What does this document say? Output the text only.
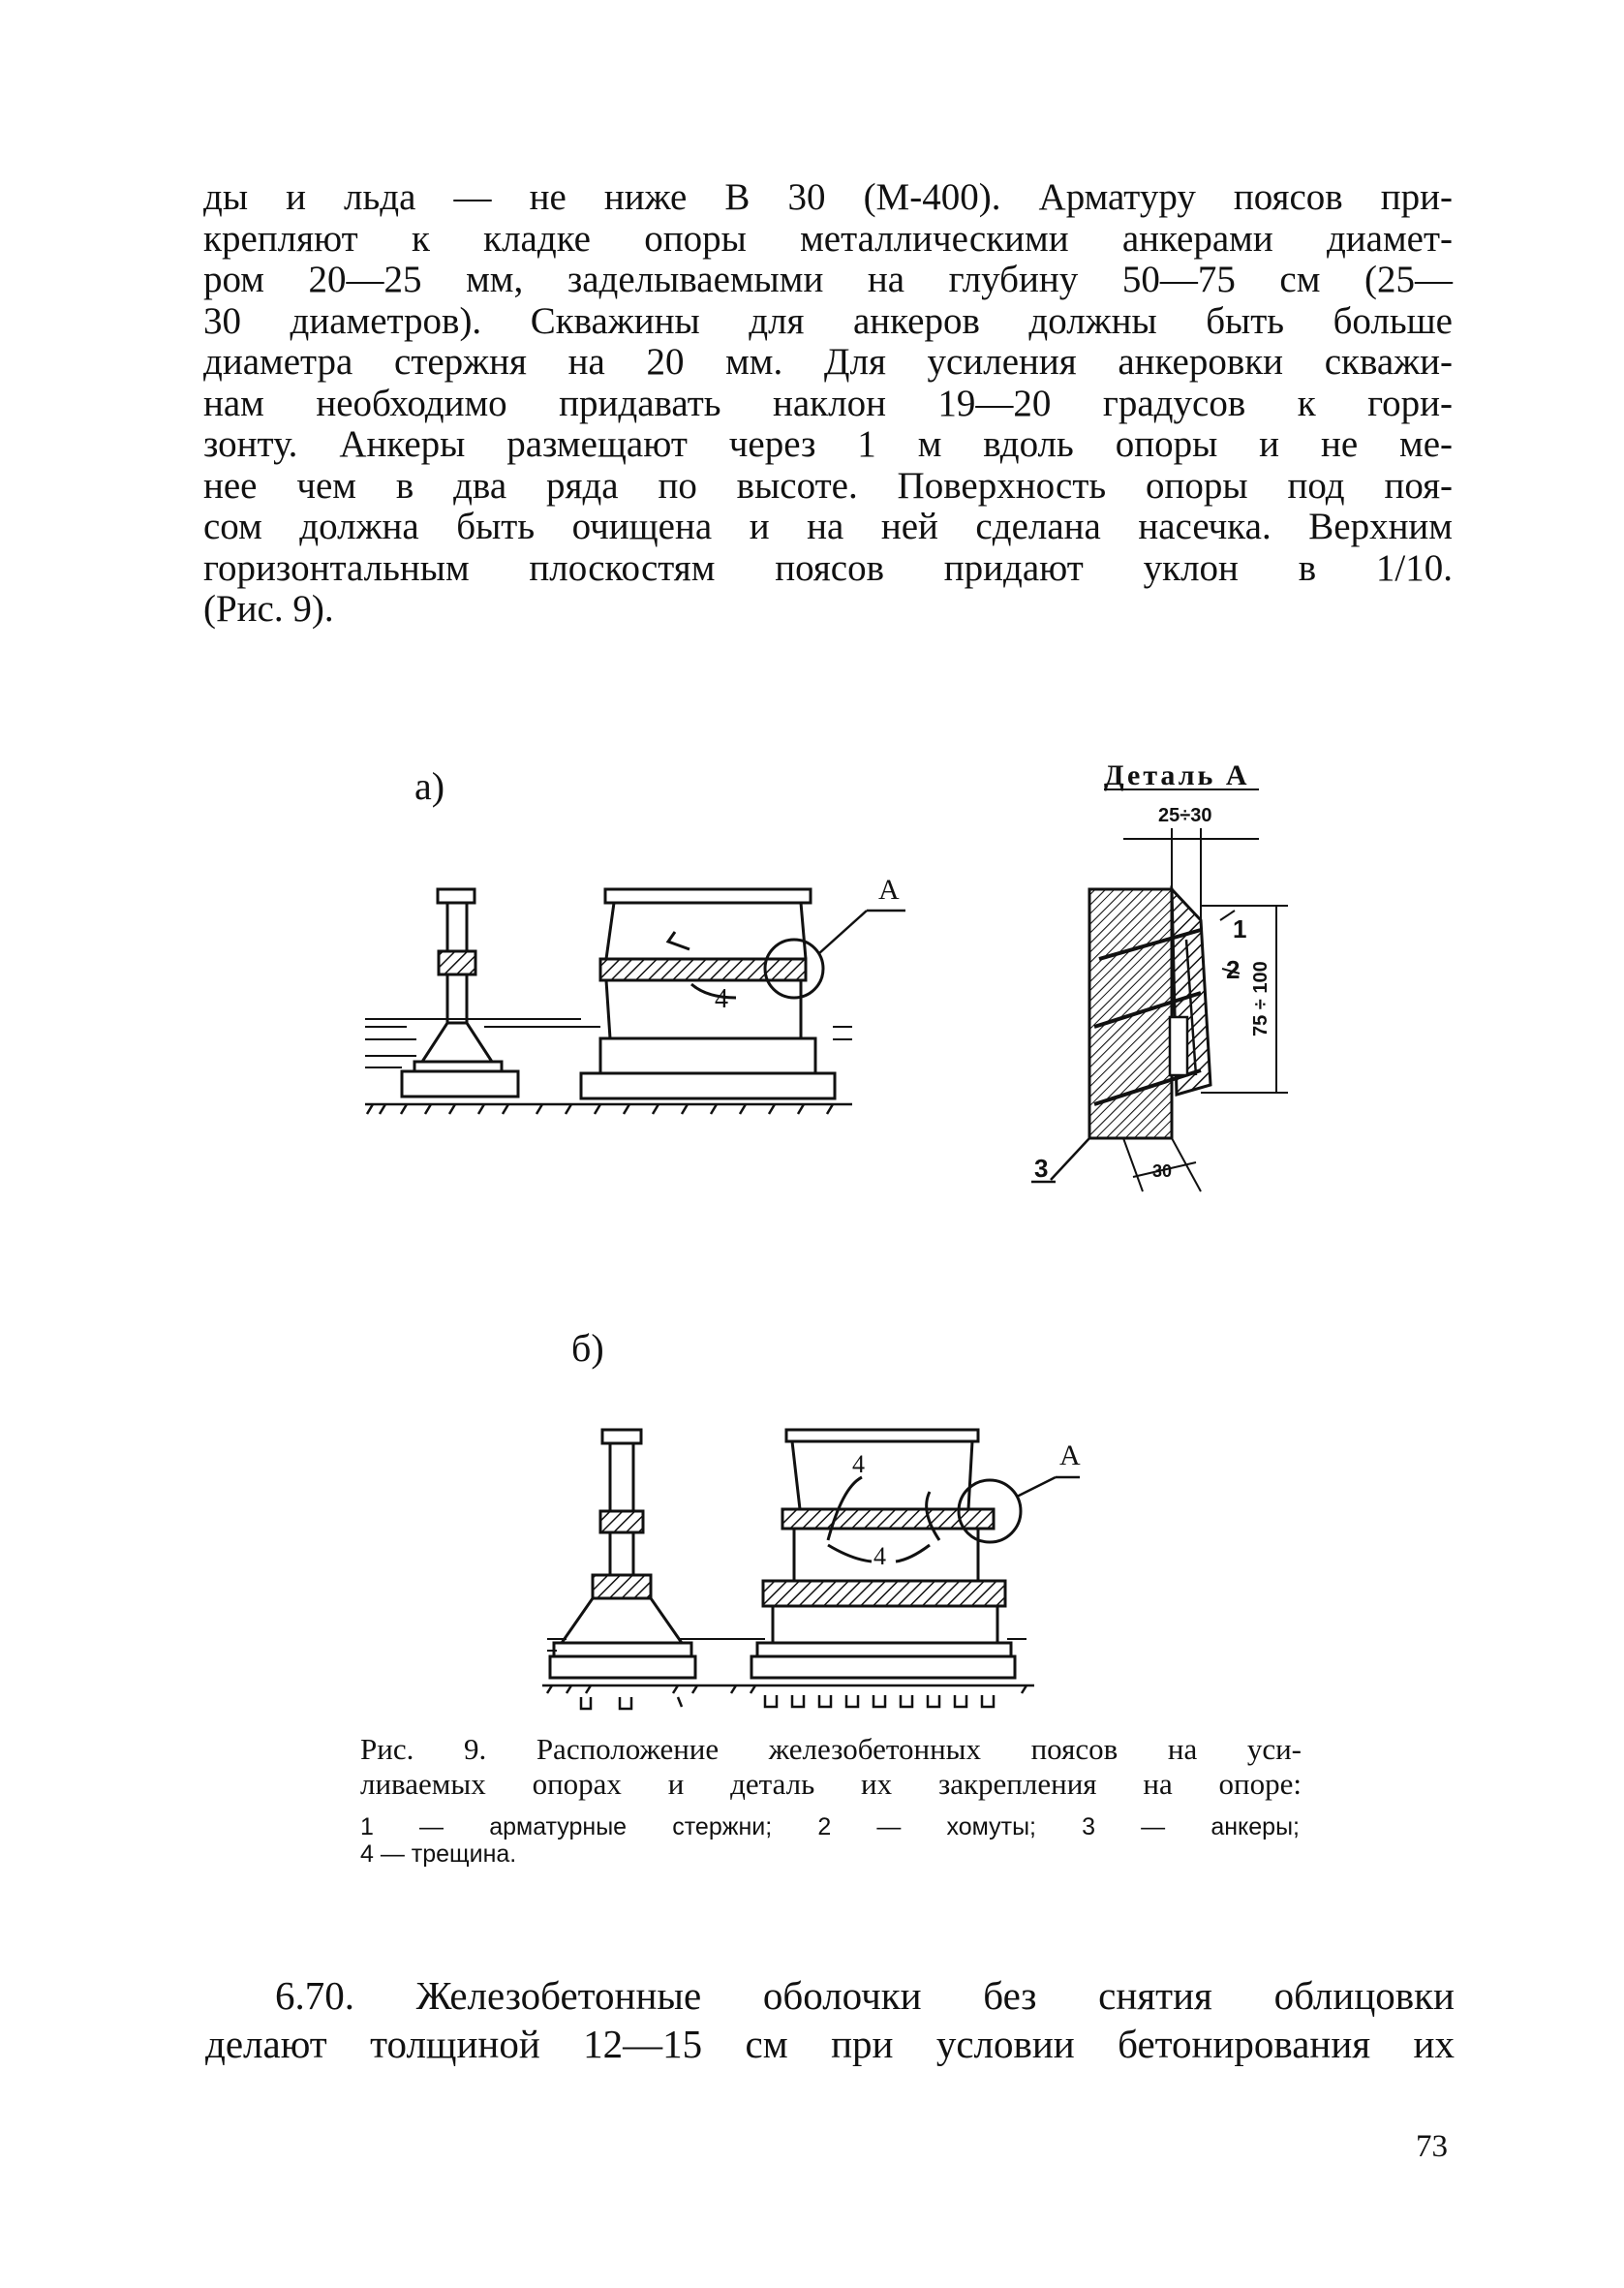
ды и льда — не ниже В 30 (М-400). Арматуру поясов при-
крепляют к кладке опоры металлическими анкерами диамет-
ром 20—25 мм, заделываемыми на глубину 50—75 см (25—
30 диаметров). Скважины для анкеров должны быть больше
диаметра стержня на 20 мм. Для усиления анкеровки скважи-
нам необходимо придавать наклон 19—20 градусов к гори-
зонту. Анкеры размещают через 1 м вдоль опоры и не ме-
нее чем в два ряда по высоте. Поверхность опоры под поя-
сом должна быть очищена и на ней сделана насечка. Верхним
горизонтальным плоскостям поясов придают уклон в 1/10.
(Рис. 9).
а)
б)
4
А
Деталь А
25÷30
1
2 75 ÷ 100
3	30
4
4
А
Рис. 9. Расположение железобетонных поясов на уси-
ливаемых опорах и деталь их закрепления на опоре:
1 — арматурные стержни; 2 — хомуты; 3 — анкеры;
4 — трещина.
6.70. Железобетонные оболочки без снятия облицовки
делают толщиной 12—15 см при условии бетонирования их
73
